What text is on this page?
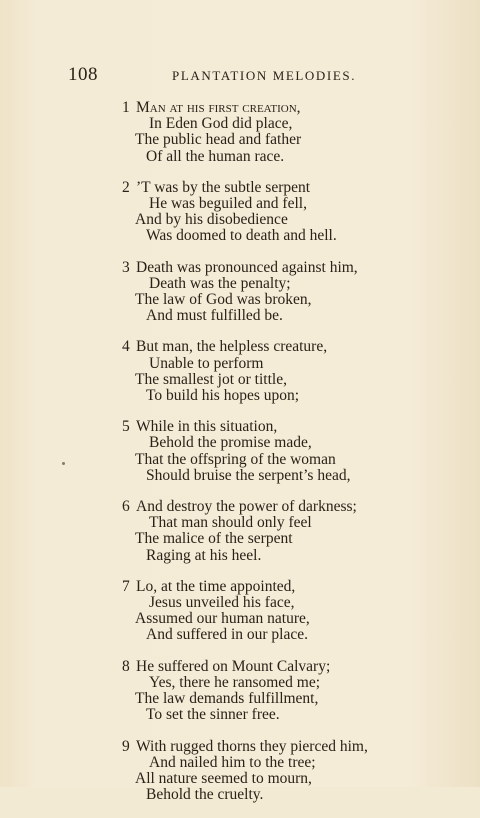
108	PLANTATION MELODIES.
1 Man at his first creation,
In Eden God did place,
The public head and father
Of all the human race.
2 ’T was by the subtle serpent
He was beguiled and fell,
And by his disobedience
Was doomed to death and hell.
3 Death was pronounced against him,
Death was the penalty;
The law of God was broken,
And must fulfilled be.
4 But man, the helpless creature,
Unable to perform
The smallest jot or tittle,
To build his hopes upon;
5 While in this situation,
Behold the promise made,
That the offspring of the woman
Should bruise the serpent’s head,
6 And destroy the power of darkness;
That man should only feel
The malice of the serpent
Raging at his heel.
7 Lo, at the time appointed,
Jesus unveiled his face,
Assumed our human nature,
And suffered in our place.
8 He suffered on Mount Calvary;
Yes, there he ransomed me;
The law demands fulfillment,
To set the sinner free.
9 With rugged thorns they pierced him,
And nailed him to the tree;
All nature seemed to mourn,
Behold the cruelty.
